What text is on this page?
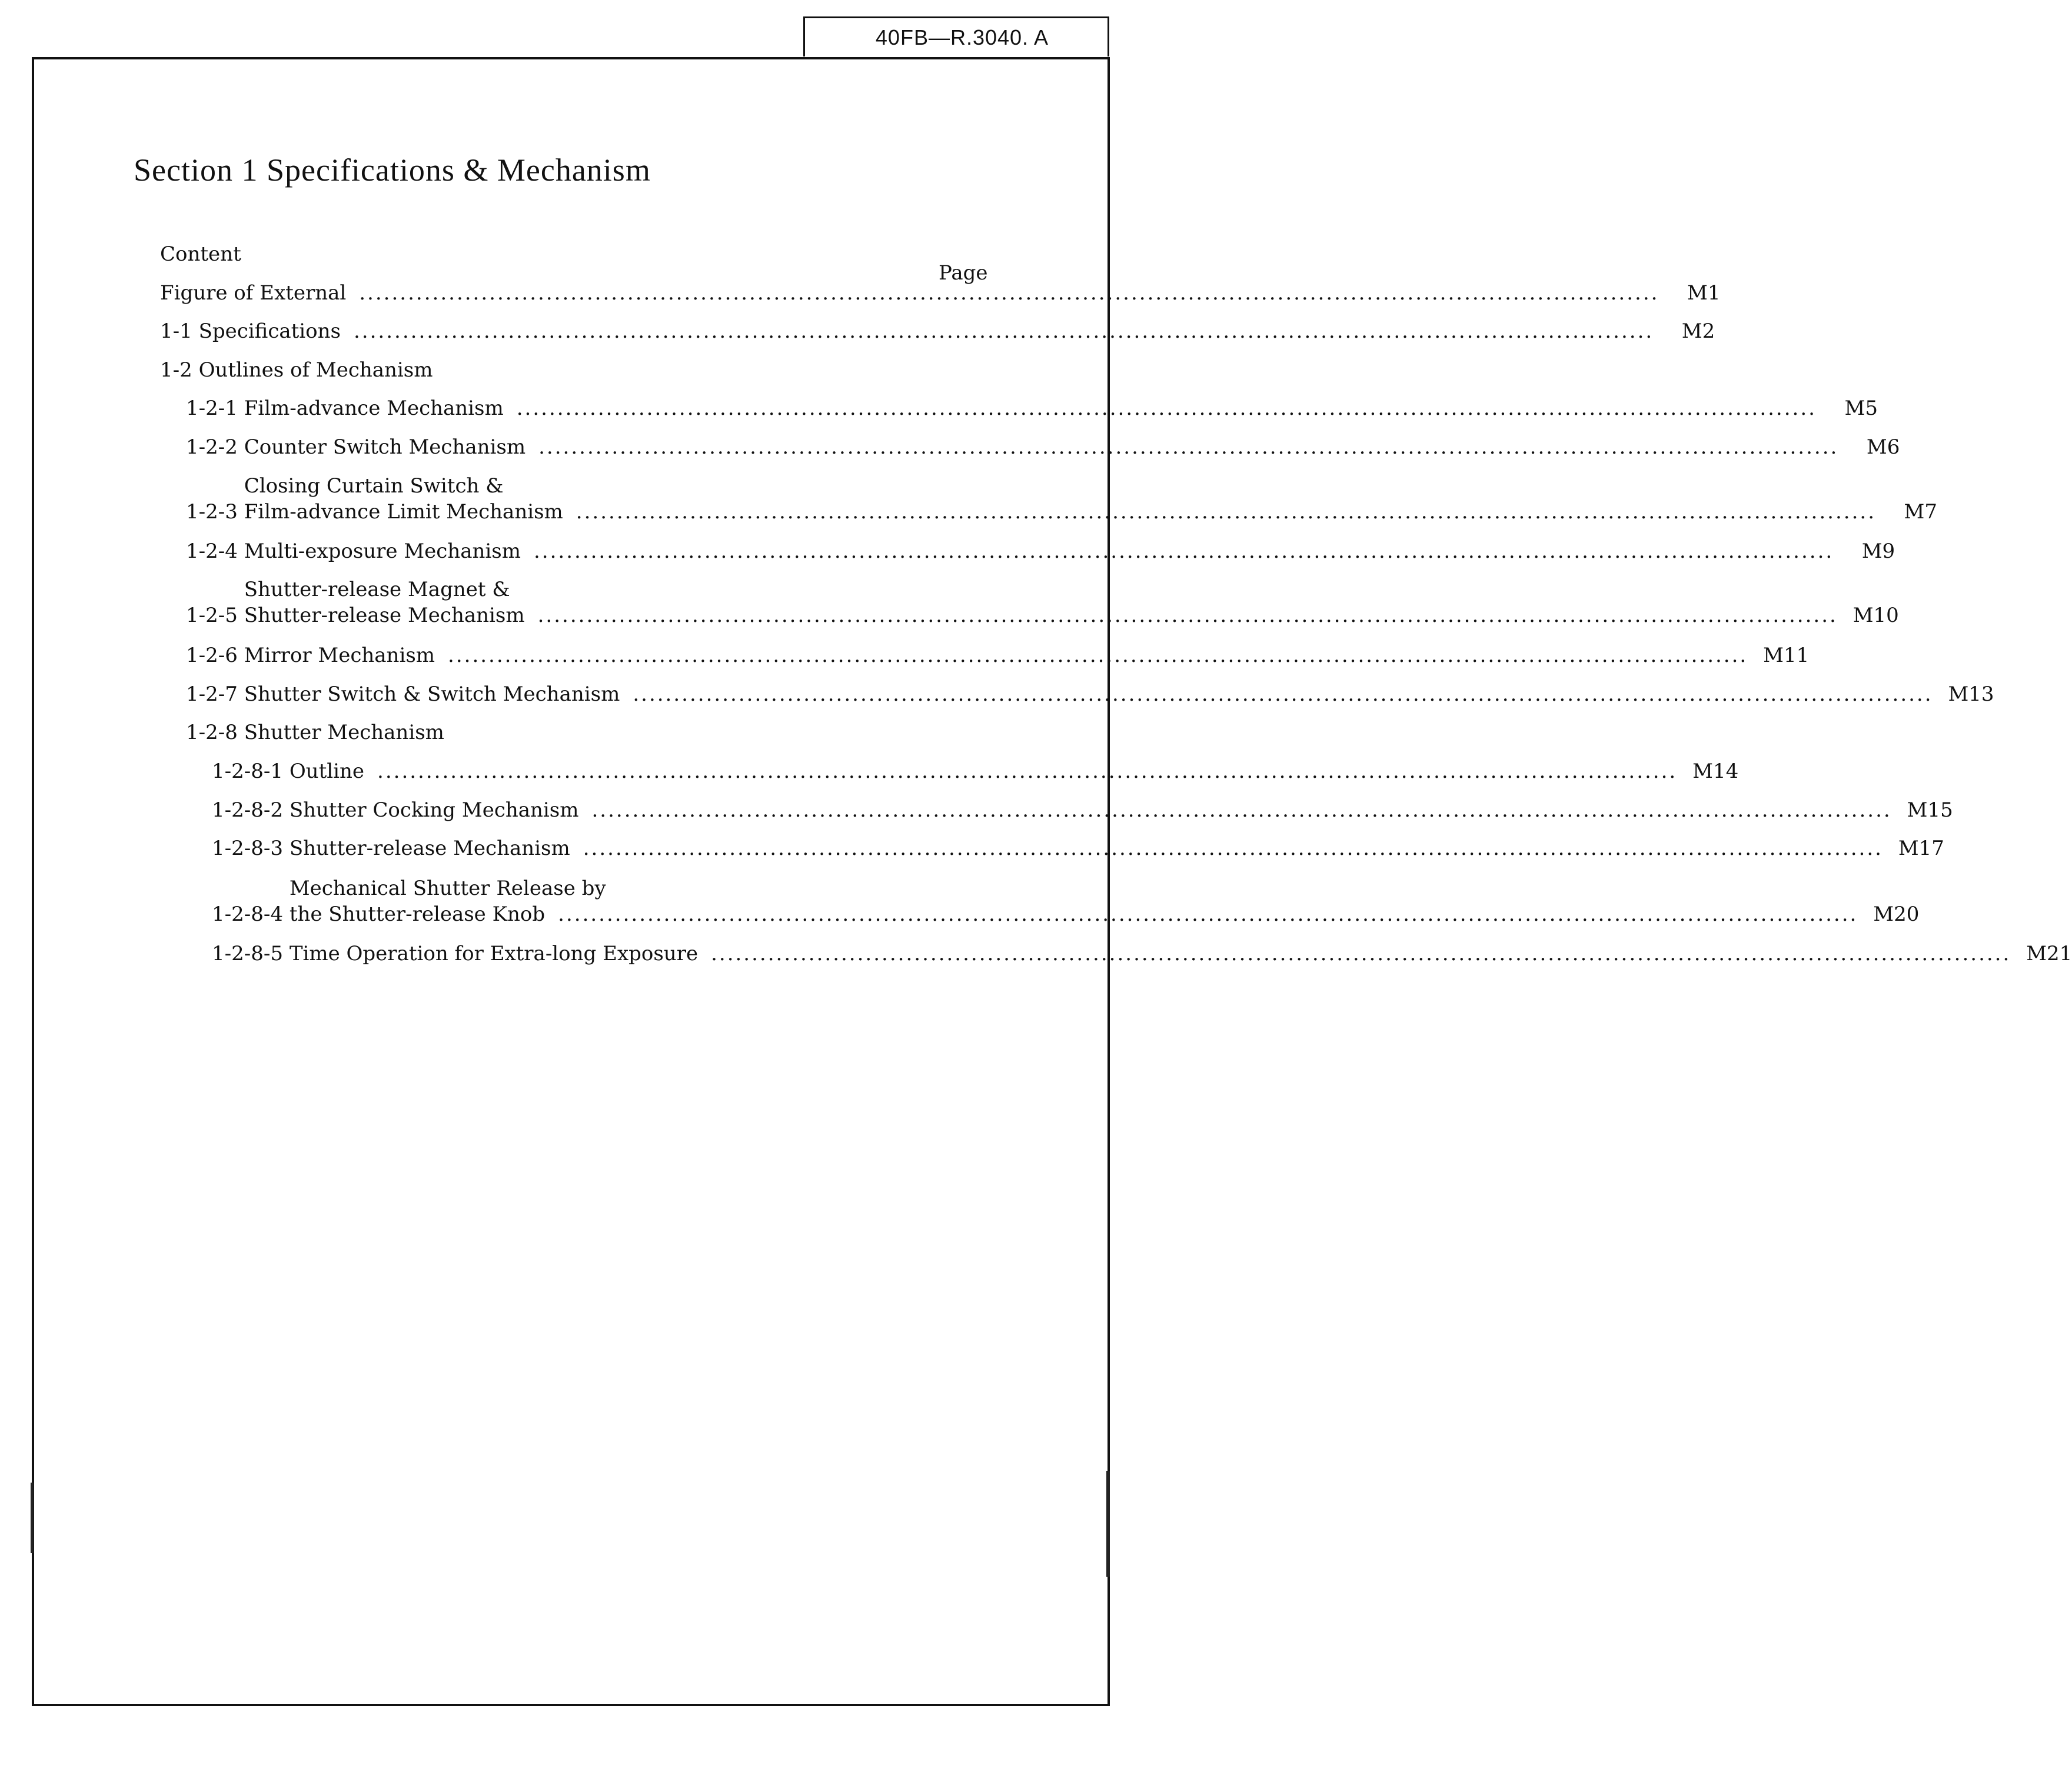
40FB—R.3040. A
Section 1 Specifications & Mechanism
Content
Page
Figure of External ................................................................................................................................................................	M1
1-1 Specifications ................................................................................................................................................................	M2
1-2 Outlines of Mechanism
1-2-1 Film-advance Mechanism ................................................................................................................................................................	M5
1-2-2 Counter Switch Mechanism ................................................................................................................................................................	M6
1-2-3
Closing Curtain Switch &
Film-advance Limit Mechanism ................................................................................................................................................................	M7
1-2-4 Multi-exposure Mechanism ................................................................................................................................................................	M9
1-2-5
Shutter-release Magnet &
Shutter-release Mechanism ................................................................................................................................................................ M10
1-2-6 Mirror Mechanism ................................................................................................................................................................ M11
1-2-7 Shutter Switch & Switch Mechanism ................................................................................................................................................................ M13
1-2-8 Shutter Mechanism
1-2-8-1 Outline ................................................................................................................................................................ M14
1-2-8-2 Shutter Cocking Mechanism ................................................................................................................................................................ M15
1-2-8-3 Shutter-release Mechanism ................................................................................................................................................................ M17
1-2-8-4
Mechanical Shutter Release by
the Shutter-release Knob ................................................................................................................................................................ M20
1-2-8-5 Time Operation for Extra-long Exposure ................................................................................................................................................................ M21
